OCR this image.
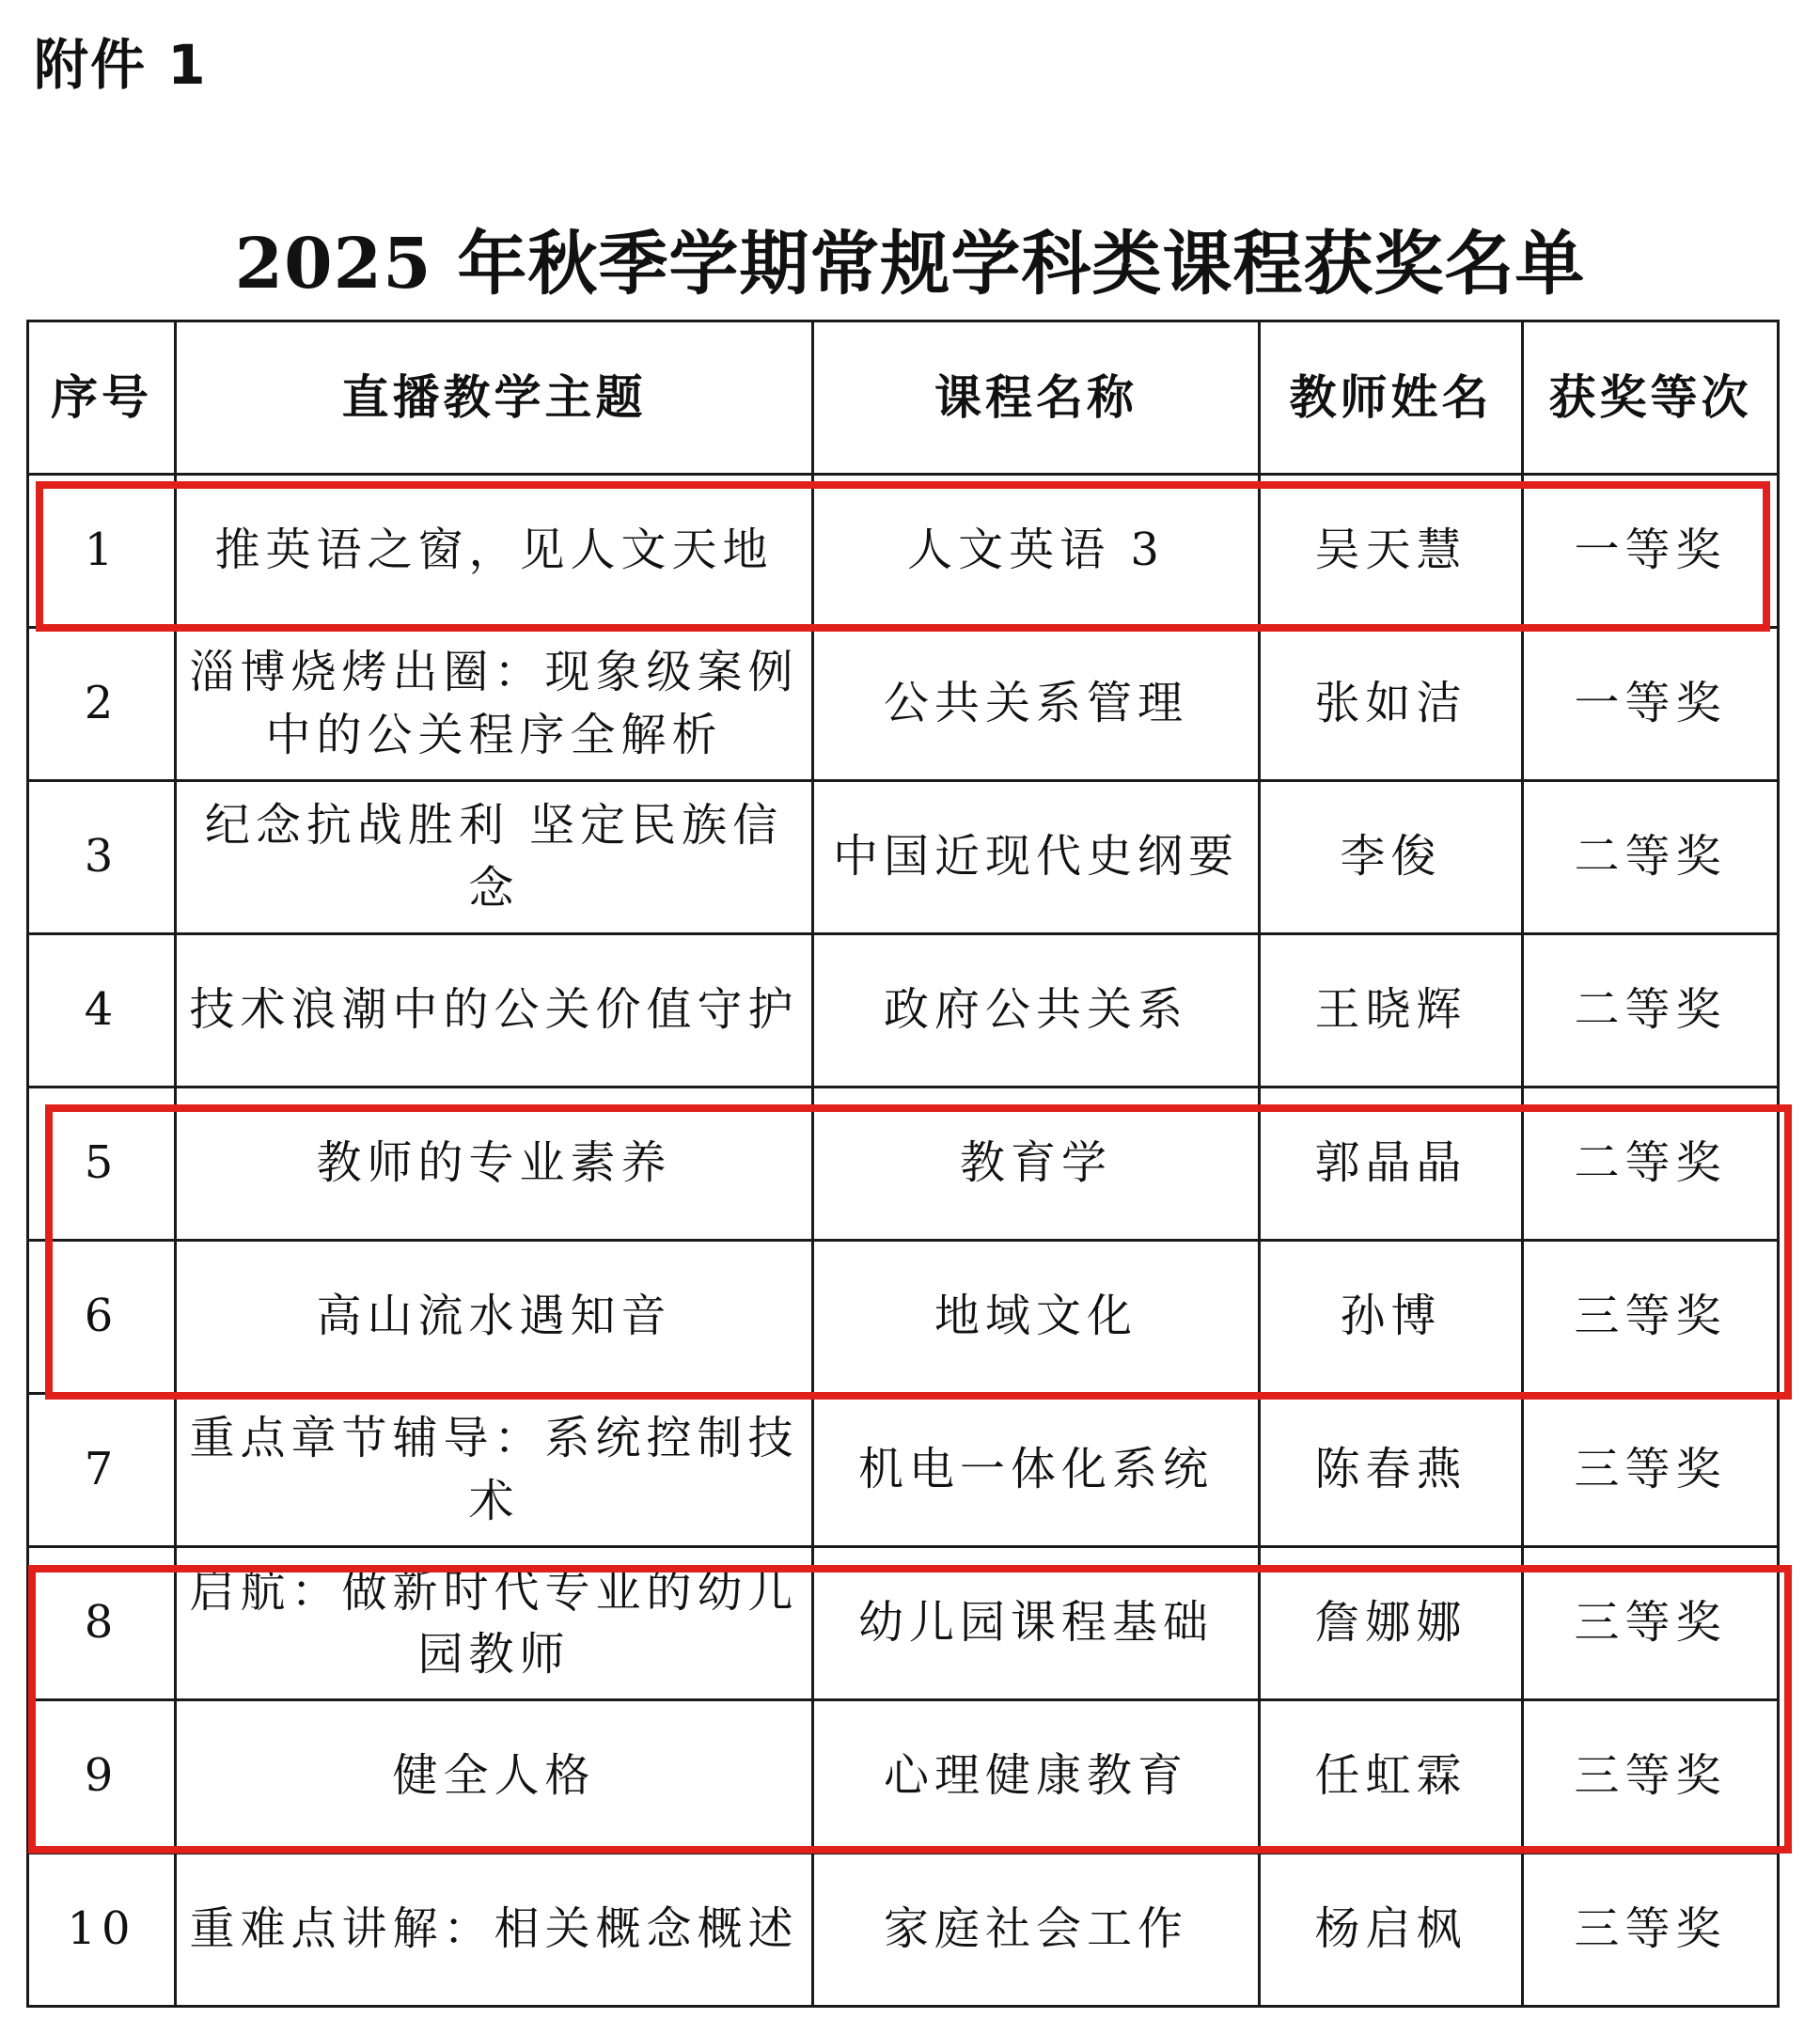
附件 1
2025 年秋季学期常规学科类课程获奖名单
序号	直播教学主题	课程名称	教师姓名	获奖等次
1	推英语之窗，见人文天地	人文英语 3	吴天慧	一等奖
2	淄博烧烤出圈：现象级案例中的公关程序全解析	公共关系管理	张如洁	一等奖
3	纪念抗战胜利 坚定民族信念	中国近现代史纲要	李俊	二等奖
4	技术浪潮中的公关价值守护	政府公共关系	王晓辉	二等奖
5	教师的专业素养	教育学	郭晶晶	二等奖
6	高山流水遇知音	地域文化	孙博	三等奖
7	重点章节辅导：系统控制技术	机电一体化系统	陈春燕	三等奖
8	启航：做新时代专业的幼儿园教师	幼儿园课程基础	詹娜娜	三等奖
9	健全人格	心理健康教育	任虹霖	三等奖
10	重难点讲解：相关概念概述	家庭社会工作	杨启枫	三等奖
